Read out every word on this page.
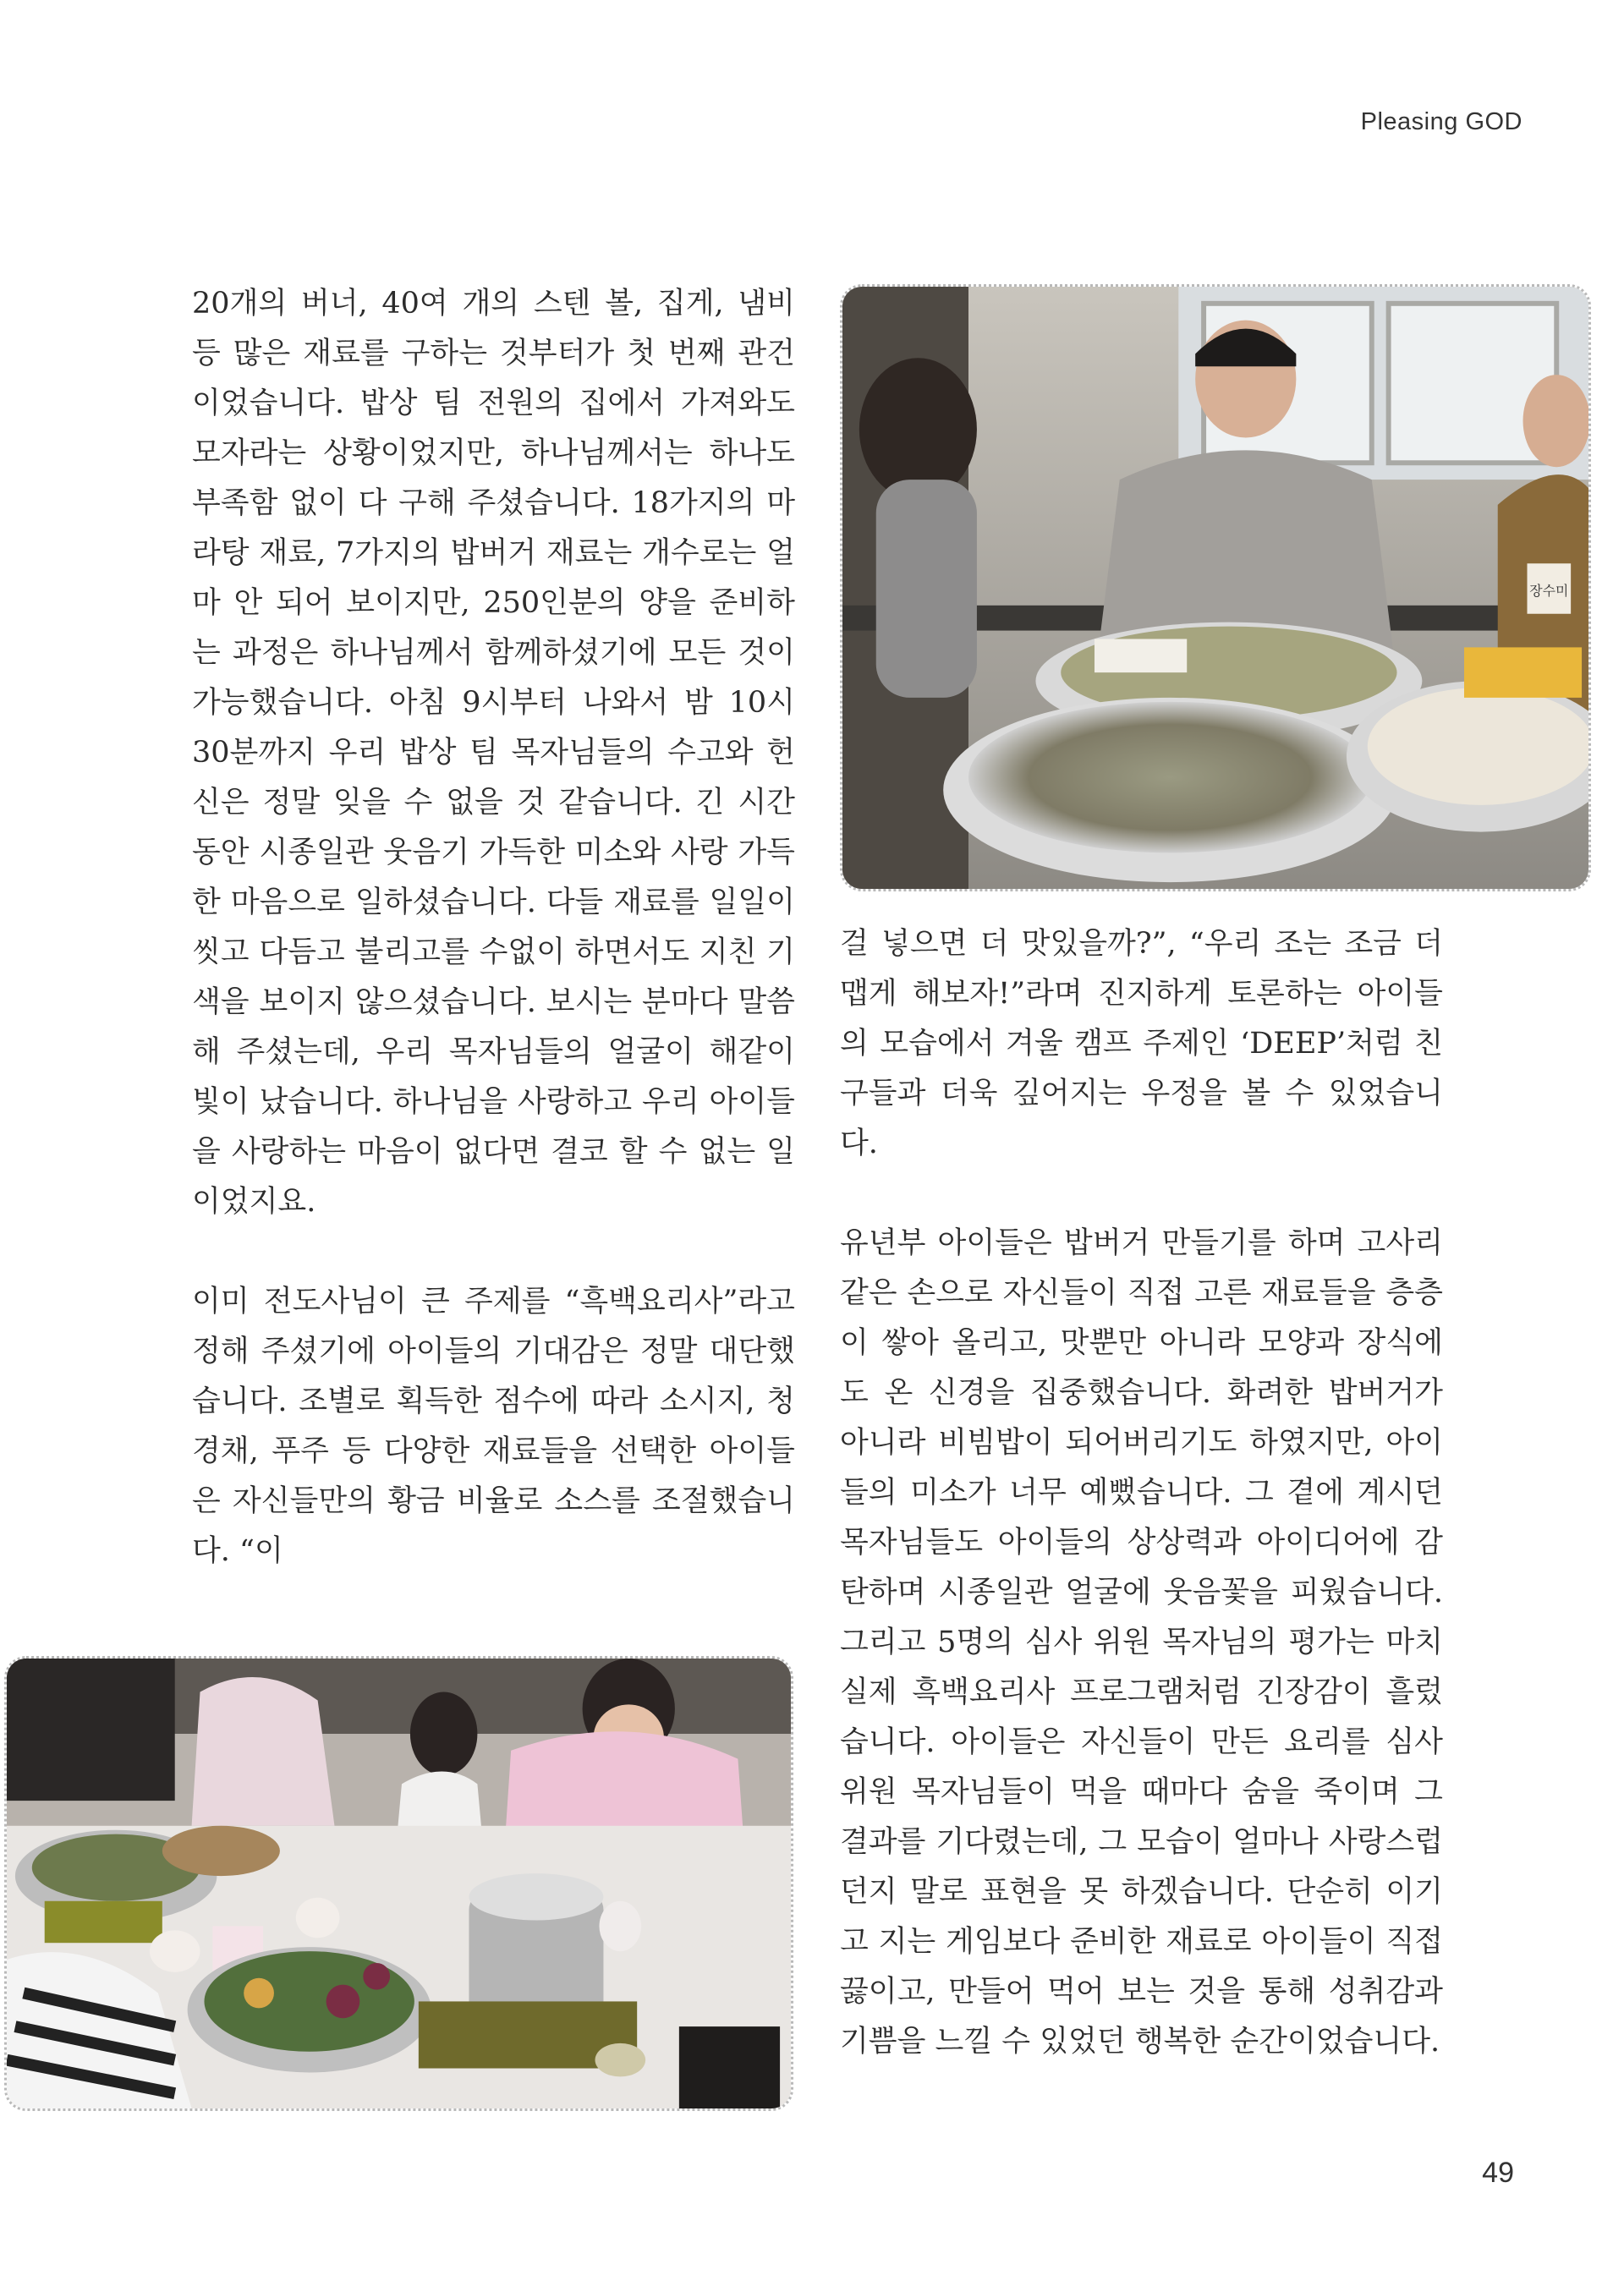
Pleasing GOD

20개의 버너, 40여 개의 스텐 볼, 집게, 냄비 등 많은 재료를 구하는 것부터가 첫 번째 관건이었습니다. 밥상 팀 전원의 집에서 가져와도 모자라는 상황이었지만, 하나님께서는 하나도 부족함 없이 다 구해 주셨습니다. 18가지의 마라탕 재료, 7가지의 밥버거 재료는 개수로는 얼마 안 되어 보이지만, 250인분의 양을 준비하는 과정은 하나님께서 함께하셨기에 모든 것이 가능했습니다. 아침 9시부터 나와서 밤 10시 30분까지 우리 밥상 팀 목자님들의 수고와 헌신은 정말 잊을 수 없을 것 같습니다. 긴 시간 동안 시종일관 웃음기 가득한 미소와 사랑 가득한 마음으로 일하셨습니다. 다들 재료를 일일이 씻고 다듬고 불리고를 수없이 하면서도 지친 기색을 보이지 않으셨습니다. 보시는 분마다 말씀해 주셨는데, 우리 목자님들의 얼굴이 해같이 빛이 났습니다. 하나님을 사랑하고 우리 아이들을 사랑하는 마음이 없다면 결코 할 수 없는 일이었지요.

이미 전도사님이 큰 주제를 “흑백요리사”라고 정해 주셨기에 아이들의 기대감은 정말 대단했습니다. 조별로 획득한 점수에 따라 소시지, 청경채, 푸주 등 다양한 재료들을 선택한 아이들은 자신들만의 황금 비율로 소스를 조절했습니다. “이

장수미

걸 넣으면 더 맛있을까?”, “우리 조는 조금 더 맵게 해보자!”라며 진지하게 토론하는 아이들의 모습에서 겨울 캠프 주제인 ‘DEEP’처럼 친구들과 더욱 깊어지는 우정을 볼 수 있었습니다.

유년부 아이들은 밥버거 만들기를 하며 고사리 같은 손으로 자신들이 직접 고른 재료들을 층층이 쌓아 올리고, 맛뿐만 아니라 모양과 장식에도 온 신경을 집중했습니다. 화려한 밥버거가 아니라 비빔밥이 되어버리기도 하였지만, 아이들의 미소가 너무 예뻤습니다. 그 곁에 계시던 목자님들도 아이들의 상상력과 아이디어에 감탄하며 시종일관 얼굴에 웃음꽃을 피웠습니다. 그리고 5명의 심사 위원 목자님의 평가는 마치 실제 흑백요리사 프로그램처럼 긴장감이 흘렀습니다. 아이들은 자신들이 만든 요리를 심사 위원 목자님들이 먹을 때마다 숨을 죽이며 그 결과를 기다렸는데, 그 모습이 얼마나 사랑스럽던지 말로 표현을 못 하겠습니다. 단순히 이기고 지는 게임보다 준비한 재료로 아이들이 직접 끓이고, 만들어 먹어 보는 것을 통해 성취감과 기쁨을 느낄 수 있었던 행복한 순간이었습니다.

49
